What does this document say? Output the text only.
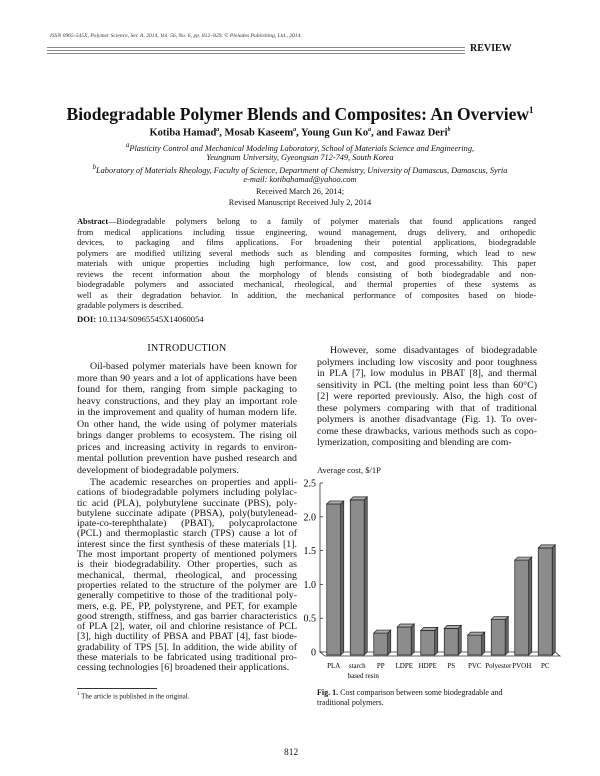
ISSN 0965-545X, Polymer Science, Ser. A, 2014, Vol. 56, No. 6, pp. 812–829. © Pleiades Publishing, Ltd., 2014.
REVIEW
Biodegradable Polymer Blends and Composites: An Overview$^1$
Kotiba Hamad$^a$, Mosab Kaseem$^a$, Young Gun Ko$^a$, and Fawaz Deri$^b$
$^a$Plasticity Control and Mechanical Modeling Laboratory, School of Materials Science and Engineering,
Yeungnam University, Gyeongsan 712-749, South Korea
$^b$Laboratory of Materials Rheology, Faculty of Science, Department of Chemistry, University of Damascus, Damascus, Syria
e-mail: kotibahamad@yahoo.com
Received March 26, 2014;
Revised Manuscript Received July 2, 2014
Abstract—Biodegradable polymers belong to a family of polymer materials that found applications ranged
from medical applications including tissue engineering, wound management, drugs delivery, and orthopedic
devices, to packaging and films applications. For broadening their potential applications, biodegradable
polymers are modified utilizing several methods such as blending and composites forming, which lead to new
materials with unique properties including high performance, low cost, and good processability. This paper
reviews the recent information about the morphology of blends consisting of both biodegradable and non-
biodegradable polymers and associated mechanical, rheological, and thermal properties of these systems as
well as their degradation behavior. In addition, the mechanical performance of composites based on biode-
gradable polymers is described.
DOI: 10.1134/S0965545X14060054
INTRODUCTION
Oil-based polymer materials have been known for
more than 90 years and a lot of applications have been
found for them, ranging from simple packaging to
heavy constructions, and they play an important role
in the improvement and quality of human modern life.
On other hand, the wide using of polymer materials
brings danger problems to ecosystem. The rising oil
prices and increasing activity in regards to environ-
mental pollution prevention have pushed research and
development of biodegradable polymers.
The academic researches on properties and appli-
cations of biodegradable polymers including polylac-
tic acid (PLA), polybutylene succinate (PBS), poly-
butylene succinate adipate (PBSA), poly(butylenead-
ipate-co-terephthalate) (PBAT), polycaprolactone
(PCL) and thermoplastic starch (TPS) cause a lot of
interest since the first synthesis of these materials [1].
The most important property of mentioned polymers
is their biodegradability. Other properties, such as
mechanical, thermal, rheological, and processing
properties related to the structure of the polymer are
generally competitive to those of the traditional poly-
mers, e.g. PE, PP, polystyrene, and PET, for example
good strength, stiffness, and gas barrier characteristics
of PLA [2], water, oil and chlorine resistance of PCL
[3], high ductility of PBSA and PBAT [4], fast biode-
gradability of TPS [5]. In addition, the wide ability of
these materials to be fabricated using traditional pro-
cessing technologies [6] broadened their applications.
However, some disadvantages of biodegradable
polymers including low viscosity and poor toughness
in PLA [7], low modulus in PBAT [8], and thermal
sensitivity in PCL (the melting point less than 60°C)
[2] were reported previously. Also, the high cost of
these polymers comparing with that of traditional
polymers is another disadvantage (Fig. 1). To over-
come these drawbacks, various methods such as copo-
lymerization, compositing and blending are com-
$^1$ The article is published in the original.
812
Average cost, $/1P
0
0.5
1.0
1.5
2.0
2.5
PLA starch
based resin
PP LDPE HDPE PS PVC Polyester PVOH PC
Fig. 1. Cost comparison between some biodegradable and traditional polymers.
